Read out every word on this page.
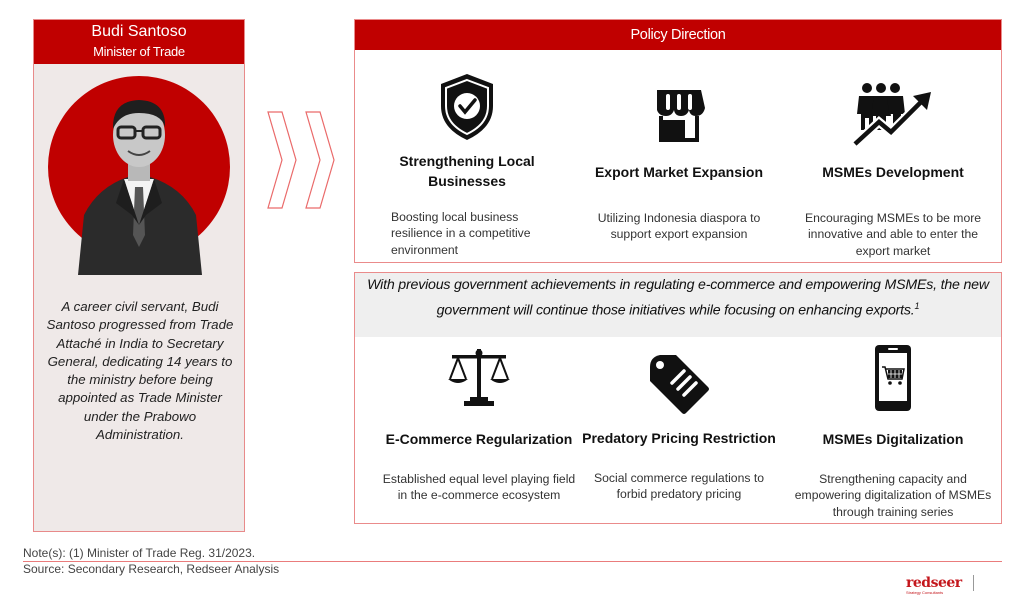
Budi Santoso
Minister of Trade
A career civil servant, Budi Santoso progressed from Trade Attaché in India to Secretary General, dedicating 14 years to the ministry before being appointed as Trade Minister under the Prabowo Administration.
Policy Direction
Strengthening Local Businesses
Boosting local business resilience in a competitive environment
Export Market Expansion
Utilizing Indonesia diaspora to support export expansion
MSMEs Development
Encouraging MSMEs to be more innovative and able to enter the export market
With previous government achievements in regulating e-commerce and empowering MSMEs, the new government will continue those initiatives while focusing on enhancing exports.$^1$
E-Commerce Regularization
Established equal level playing field in the e-commerce ecosystem
Predatory Pricing Restriction
Social commerce regulations to forbid predatory pricing
MSMEs Digitalization
Strengthening capacity and empowering digitalization of MSMEs through training series
Note(s): (1) Minister of Trade Reg. 31/2023.
Source: Secondary Research, Redseer Analysis
redseer
Strategy Consultants
